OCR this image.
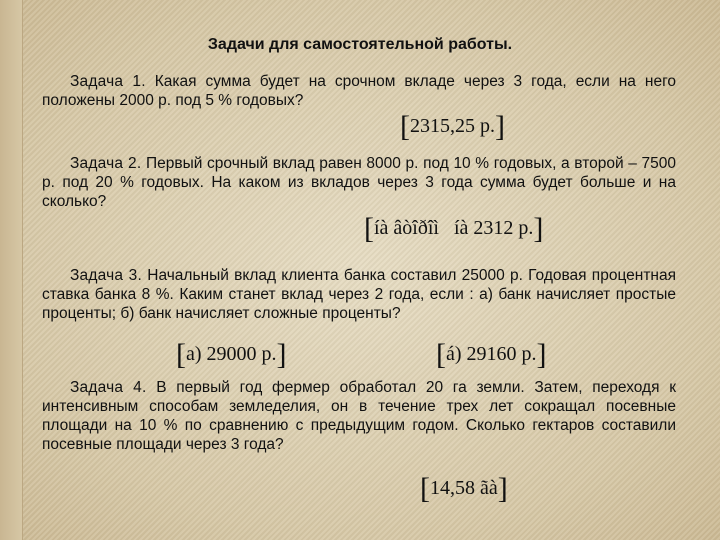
Задачи для самостоятельной работы.

Задача 1. Какая сумма будет на срочном вкладе через 3 года, если на него положены 2000 р. под 5 % годовых?

[2315,25 р.]

Задача 2. Первый срочный вклад равен 8000 р. под 10 % годовых, а второй – 7500 р. под 20 % годовых. На каком из вкладов через 3 года сумма будет больше и на сколько?

[íà âòîðîì   íà 2312 р.]

Задача 3. Начальный вклад клиента банка составил 25000 р. Годовая процентная ставка банка 8 %. Каким станет вклад через 2 года, если : а) банк начисляет простые проценты; б) банк начисляет сложные проценты?

[а) 29000 р.]	[á) 29160 р.]

Задача 4. В первый год фермер обработал 20 га земли. Затем, переходя к интенсивным способам земледелия, он в течение трех лет сокращал посевные площади на 10 % по сравнению с предыдущим годом. Сколько гектаров составили посевные площади через 3 года?

[14,58 ãà]
